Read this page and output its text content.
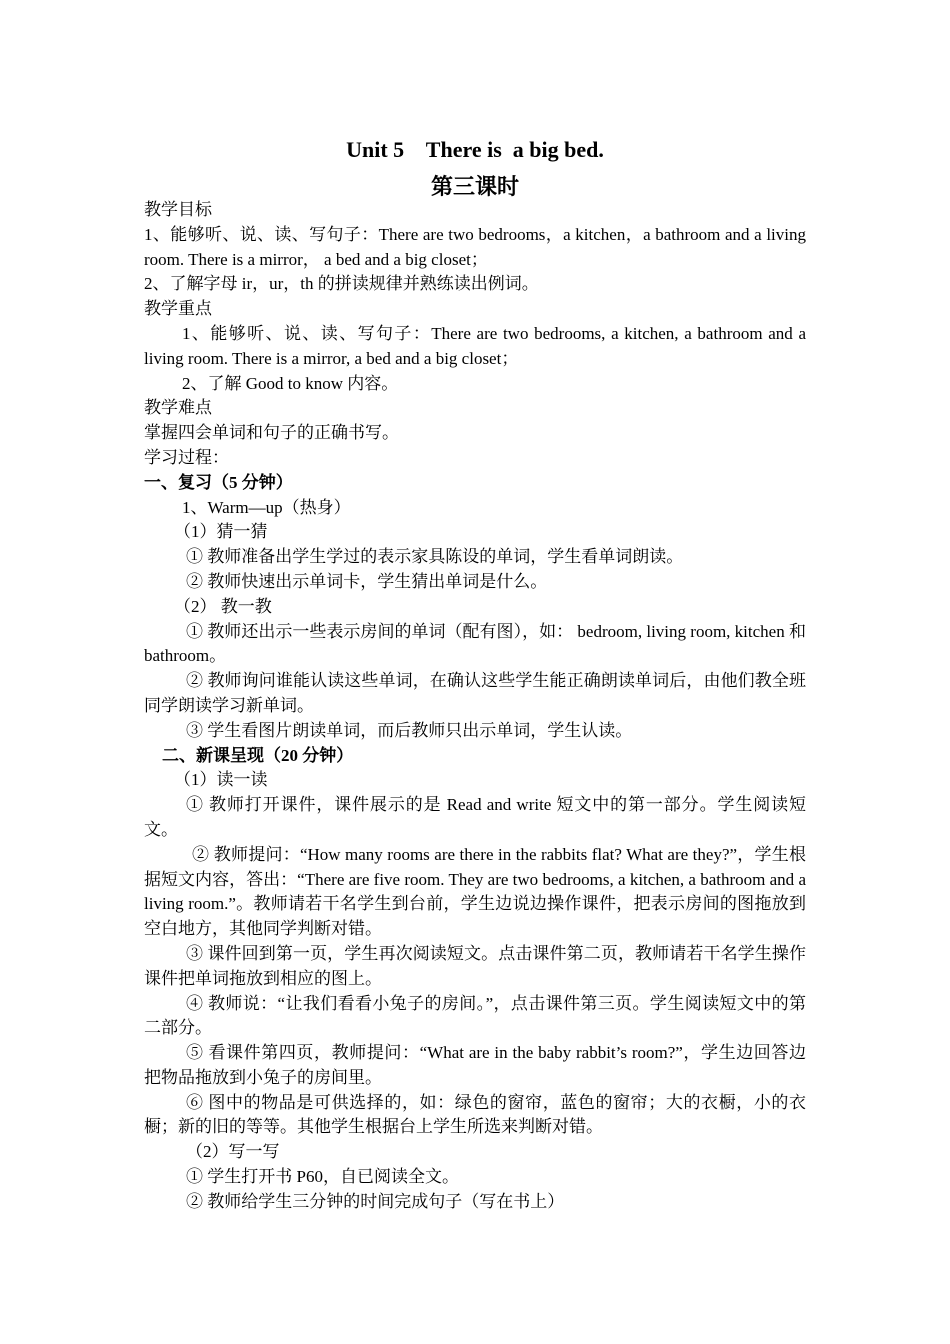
Unit 5    There is  a big bed.
第三课时

教学目标

1、能够听、说、读、写句子：There are two bedrooms，a kitchen，a bathroom and a living room. There is a mirror， a bed and a big closet；

2、了解字母 ir，ur，th 的拼读规律并熟练读出例词。

教学重点

1、能够听、说、读、写句子：There are two bedrooms, a kitchen, a bathroom and a living room. There is a mirror, a bed and a big closet；

2、了解 Good to know 内容。

教学难点

掌握四会单词和句子的正确书写。

学习过程：

一、复习（5 分钟）

1、Warm—up（热身）

（1）猜一猜

① 教师准备出学生学过的表示家具陈设的单词，学生看单词朗读。

② 教师快速出示单词卡，学生猜出单词是什么。

（2） 教一教

① 教师还出示一些表示房间的单词（配有图），如： bedroom, living room, kitchen 和 bathroom。

② 教师询问谁能认读这些单词，在确认这些学生能正确朗读单词后，由他们教全班同学朗读学习新单词。

③ 学生看图片朗读单词，而后教师只出示单词，学生认读。

二、新课呈现（20 分钟）

（1）读一读

① 教师打开课件，课件展示的是 Read and write 短文中的第一部分。学生阅读短文。

② 教师提问：“How many rooms are there in the rabbits flat? What are they?”，学生根据短文内容，答出：“There are five room. They are two bedrooms, a kitchen, a bathroom and a living room.”。教师请若干名学生到台前，学生边说边操作课件，把表示房间的图拖放到空白地方，其他同学判断对错。

③ 课件回到第一页，学生再次阅读短文。点击课件第二页，教师请若干名学生操作课件把单词拖放到相应的图上。

④ 教师说：“让我们看看小兔子的房间。”，点击课件第三页。学生阅读短文中的第二部分。

⑤ 看课件第四页，教师提问：“What are in the baby rabbit’s room?”，学生边回答边把物品拖放到小兔子的房间里。

⑥ 图中的物品是可供选择的，如：绿色的窗帘，蓝色的窗帘；大的衣橱，小的衣橱；新的旧的等等。其他学生根据台上学生所选来判断对错。

（2）写一写

① 学生打开书 P60，自已阅读全文。

② 教师给学生三分钟的时间完成句子（写在书上）
